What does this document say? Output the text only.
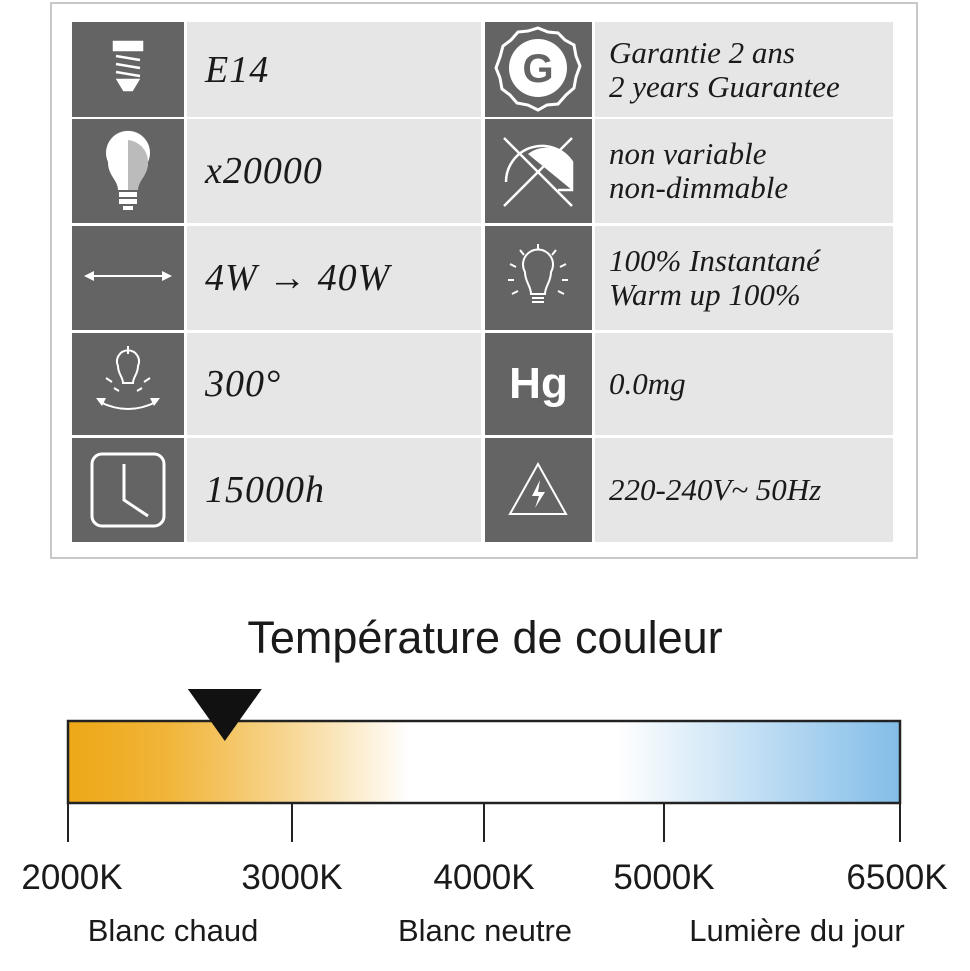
E14	Garantie 2 ans
2 years Guarantee
x20000	non variable
non-dimmable
4W → 40W	100% Instantané
Warm up 100%
300°	Hg 0.0mg
15000h	220-240V~ 50Hz
G
Température de couleur
2000K	3000K	4000K 5000K	6500K
Blanc chaud	Blanc neutre	Lumière du jour
